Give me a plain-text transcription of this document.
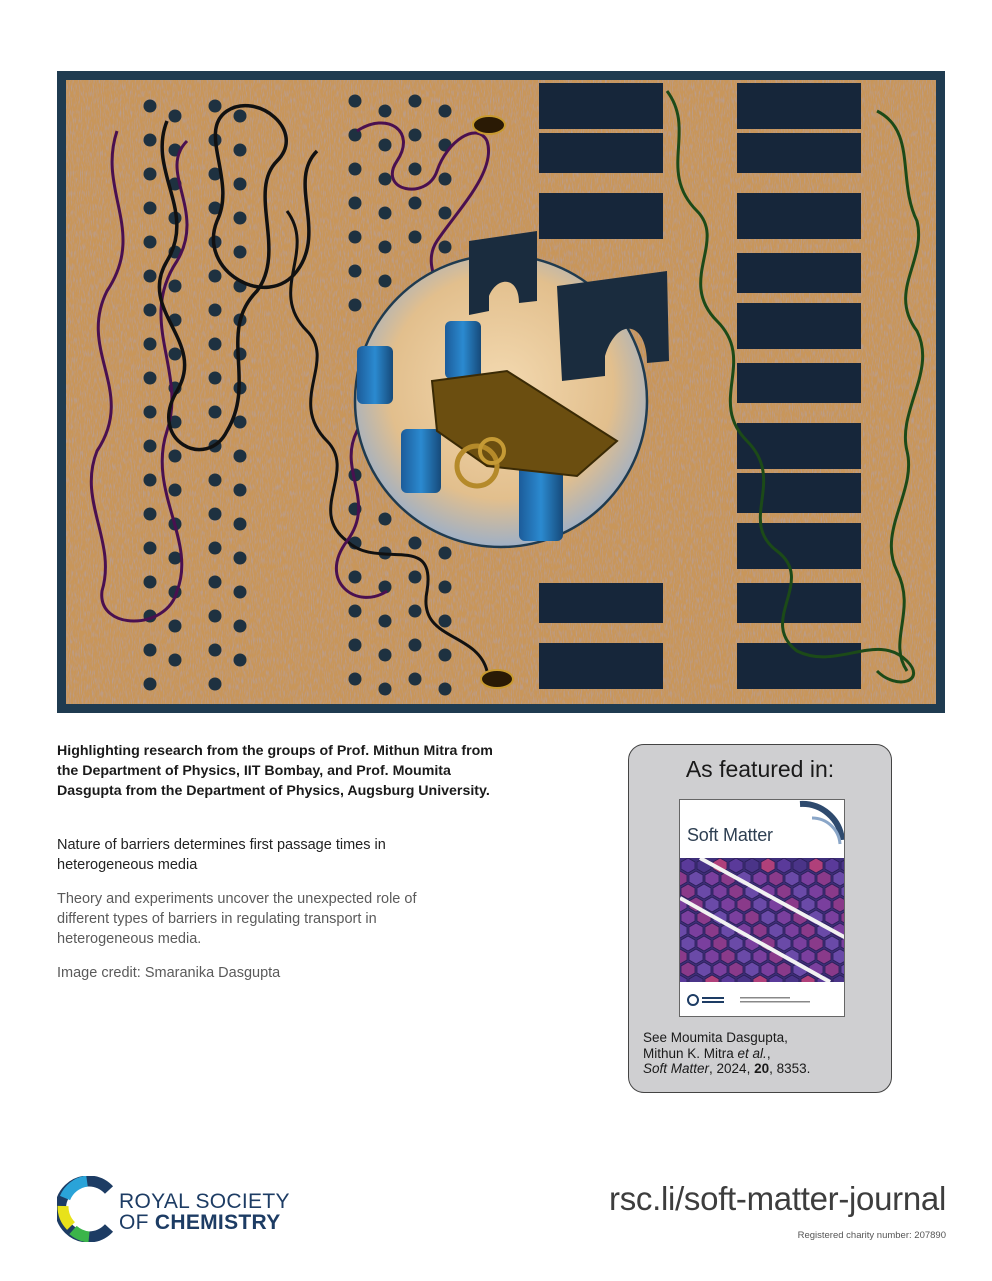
Highlighting research from the groups of Prof. Mithun Mitra from the Department of Physics, IIT Bombay, and Prof. Moumita Dasgupta from the Department of Physics, Augsburg University.

Nature of barriers determines first passage times in heterogeneous media

Theory and experiments uncover the unexpected role of different types of barriers in regulating transport in heterogeneous media.

Image credit: Smaranika Dasgupta

As featured in:
Soft Matter
See Moumita Dasgupta,
Mithun K. Mitra et al.,
Soft Matter, 2024, 20, 8353.
ROYAL SOCIETY
OF CHEMISTRY
rsc.li/soft-matter-journal
Registered charity number: 207890
